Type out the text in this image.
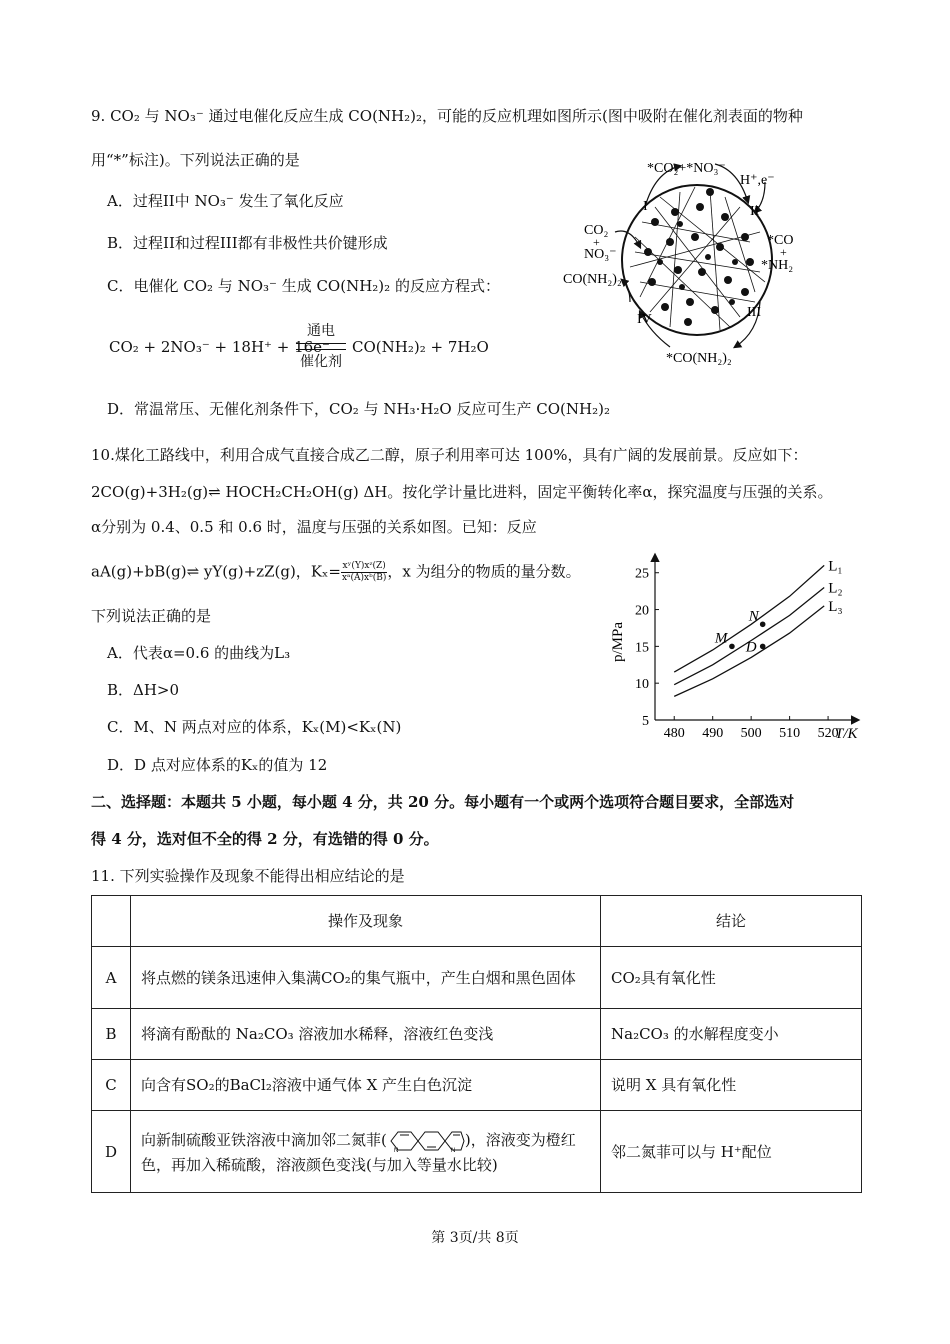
9. CO₂ 与 NO₃⁻ 通过电催化反应生成 CO(NH₂)₂，可能的反应机理如图所示(图中吸附在催化剂表面的物种
用“*”标注)。下列说法正确的是
A．过程II中 NO₃⁻ 发生了氧化反应
B．过程II和过程III都有非极性共价键形成
C．电催化 CO₂ 与 NO₃⁻ 生成 CO(NH₂)₂ 的反应方程式：
CO₂ + 2NO₃⁻ + 18H⁺ + 16e⁻
通电
催化剂
CO(NH₂)₂ + 7H₂O
D．常温常压、无催化剂条件下，CO₂ 与 NH₃·H₂O 反应可生产 CO(NH₂)₂
*CO₂+*NO₃⁻
H⁺,e⁻
CO₂
+
NO₃⁻
CO(NH₂)₂
*CO
+
*NH₂
*CO(NH₂)₂
I	II
III
IV
10.煤化工路线中，利用合成气直接合成乙二醇，原子利用率可达 100%，具有广阔的发展前景。反应如下：
2CO(g)+3H₂(g)⇌ HOCH₂CH₂OH(g) ΔH。按化学计量比进料，固定平衡转化率α，探究温度与压强的关系。
α分别为 0.4、0.5 和 0.6 时，温度与压强的关系如图。已知：反应
aA(g)+bB(g)⇌ yY(g)+zZ(g)，$K_x= \frac{\text{xʸ(Y)xᶻ(Z)}}{\text{xᵃ(A)xᵇ(B)}}$ ，x 为组分的物质的量分数。
下列说法正确的是
A．代表α=0.6 的曲线为L₃
B．ΔH>0
C．M、N 两点对应的体系，Kₓ(M)<Kₓ(N)
D．D 点对应体系的Kₓ的值为 12
480 490 500 510 520
5
10
15
20
25	L₁
L₂
L₃
M
N
D
T/K
p/MPa
二、选择题：本题共 5 小题，每小题 4 分，共 20 分。每小题有一个或两个选项符合题目要求，全部选对
得 4 分，选对但不全的得 2 分，有选错的得 0 分。
11. 下列实验操作及现象不能得出相应结论的是
	操作及现象	结论
A	将点燃的镁条迅速伸入集满CO₂的集气瓶中，产生白烟和黑色固体	CO₂具有氧化性
B	将滴有酚酞的 Na₂CO₃ 溶液加水稀释，溶液红色变浅	Na₂CO₃ 的水解程度变小
C	向含有SO₂的BaCl₂溶液中通气体 X 产生白色沉淀	说明 X 具有氧化性
D	向新制硫酸亚铁溶液中滴加邻二氮菲(
N N
)，溶液变为橙红色，再加入稀硫酸，溶液颜色变浅(与加入等量水比较)	邻二氮菲可以与 H⁺配位
第 3页/共 8页
